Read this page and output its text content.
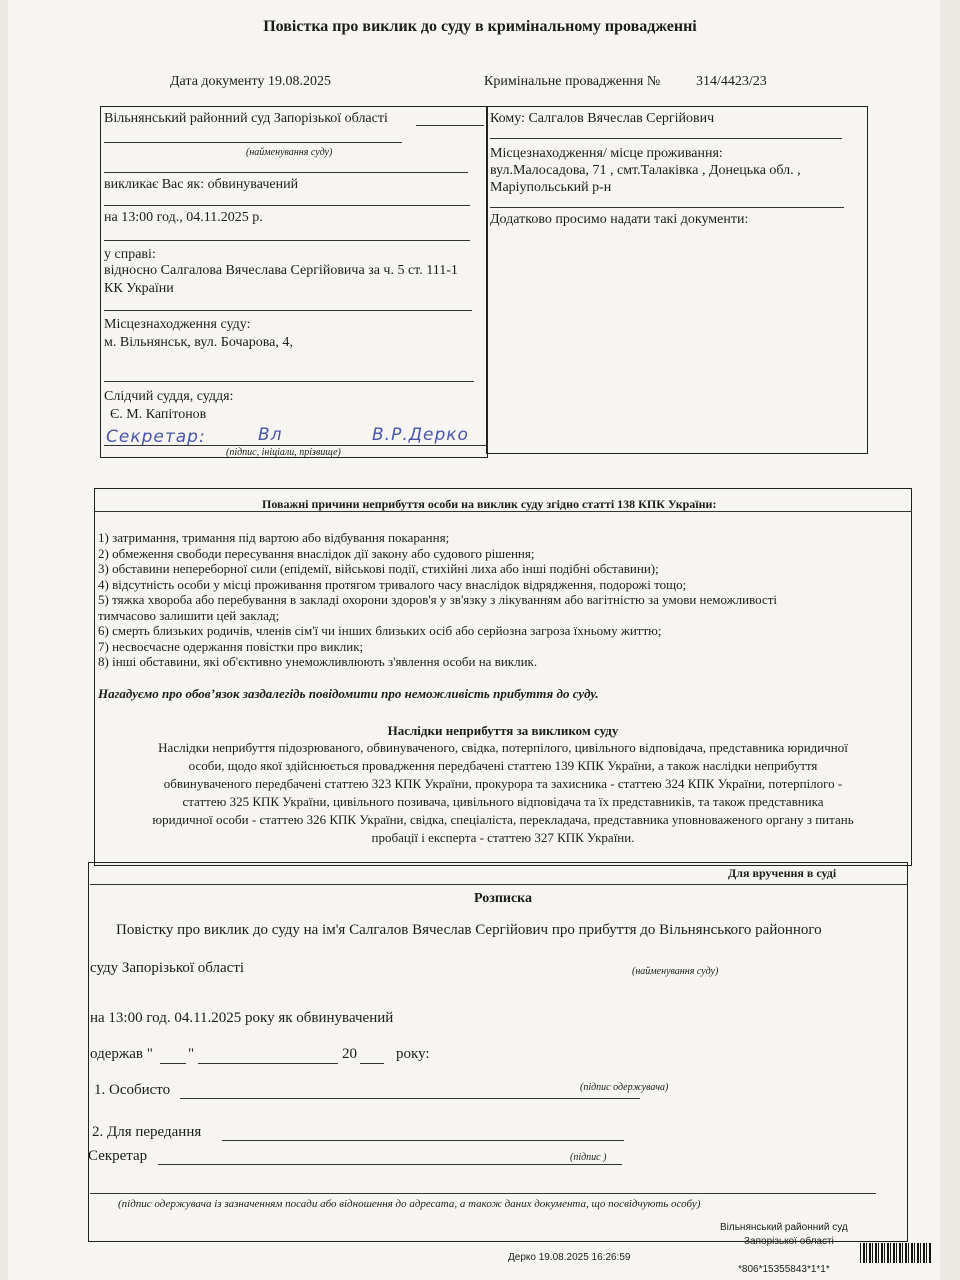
Повістка про виклик до суду в кримінальному провадженні
Дата документу 19.08.2025	Кримінальне провадження №	314/4423/23
Вільнянський районний суд Запорізької області
(найменування суду)
викликає Вас як: обвинувачений
на 13:00 год., 04.11.2025 р.
у справі:
відносно Салгалова Вячеслава Сергійовича за ч. 5 ст. 111-1
КК України
Місцезнаходження суду:
м. Вільнянськ, вул. Бочарова, 4,
Слідчий суддя, суддя:
Є. М. Капітонов
Секретар:	Вл	В.Р.Дерко
(підпис, ініціали, прізвище)
Кому: Салгалов Вячеслав Сергійович
Місцезнаходження/ місце проживання:
вул.Малосадова, 71 , смт.Талаківка , Донецька обл. ,
Маріупольський р-н
Додатково просимо надати такі документи:
Поважні причини неприбуття особи на виклик суду згідно статті 138 КПК України:
1) затримання, тримання під вартою або відбування покарання;
2) обмеження свободи пересування внаслідок дії закону або судового рішення;
3) обставини непереборної сили (епідемії, військові події, стихійні лиха або інші подібні обставини);
4) відсутність особи у місці проживання протягом тривалого часу внаслідок відрядження, подорожі тощо;
5) тяжка хвороба або перебування в закладі охорони здоров'я у зв'язку з лікуванням або вагітністю за умови неможливості
тимчасово залишити цей заклад;
6) смерть близьких родичів, членів сім'ї чи інших близьких осіб або серйозна загроза їхньому життю;
7) несвоєчасне одержання повістки про виклик;
8) інші обставини, які об'єктивно унеможливлюють з'явлення особи на виклик.
Нагадуємо про обов’язок заздалегідь повідомити про неможливість прибуття до суду.
Наслідки неприбуття за викликом суду
Наслідки неприбуття підозрюваного, обвинуваченого, свідка, потерпілого, цивільного відповідача, представника юридичної
особи, щодо якої здійснюється провадження передбачені статтею 139 КПК України, а також наслідки неприбуття
обвинуваченого передбачені статтею 323 КПК України, прокурора та захисника - статтею 324 КПК України, потерпілого -
статтею 325 КПК України, цивільного позивача, цивільного відповідача та їх представників, та також представника
юридичної особи - статтею 326 КПК України, свідка, спеціаліста, перекладача, представника уповноваженого органу з питань
пробації і експерта - статтею 327 КПК України.
Для вручення в суді
Розписка
Повістку про виклик до суду на ім'я Салгалов Вячеслав Сергійович про прибуття до Вільнянського районного
суду Запорізької області	(найменування суду)
на 13:00 год. 04.11.2025 року як обвинувачений
одержав " "	20	року:
1. Особисто	(підпис одержувача)
2. Для передання
Секретар	(підпис )
(підпис одержувача із зазначенням посади або відношення до адресата, а також даних документа, що посвідчують особу)
Вільнянський районний суд
Запорізької області
Дерко 19.08.2025 16:26:59
*806*15355843*1*1*
